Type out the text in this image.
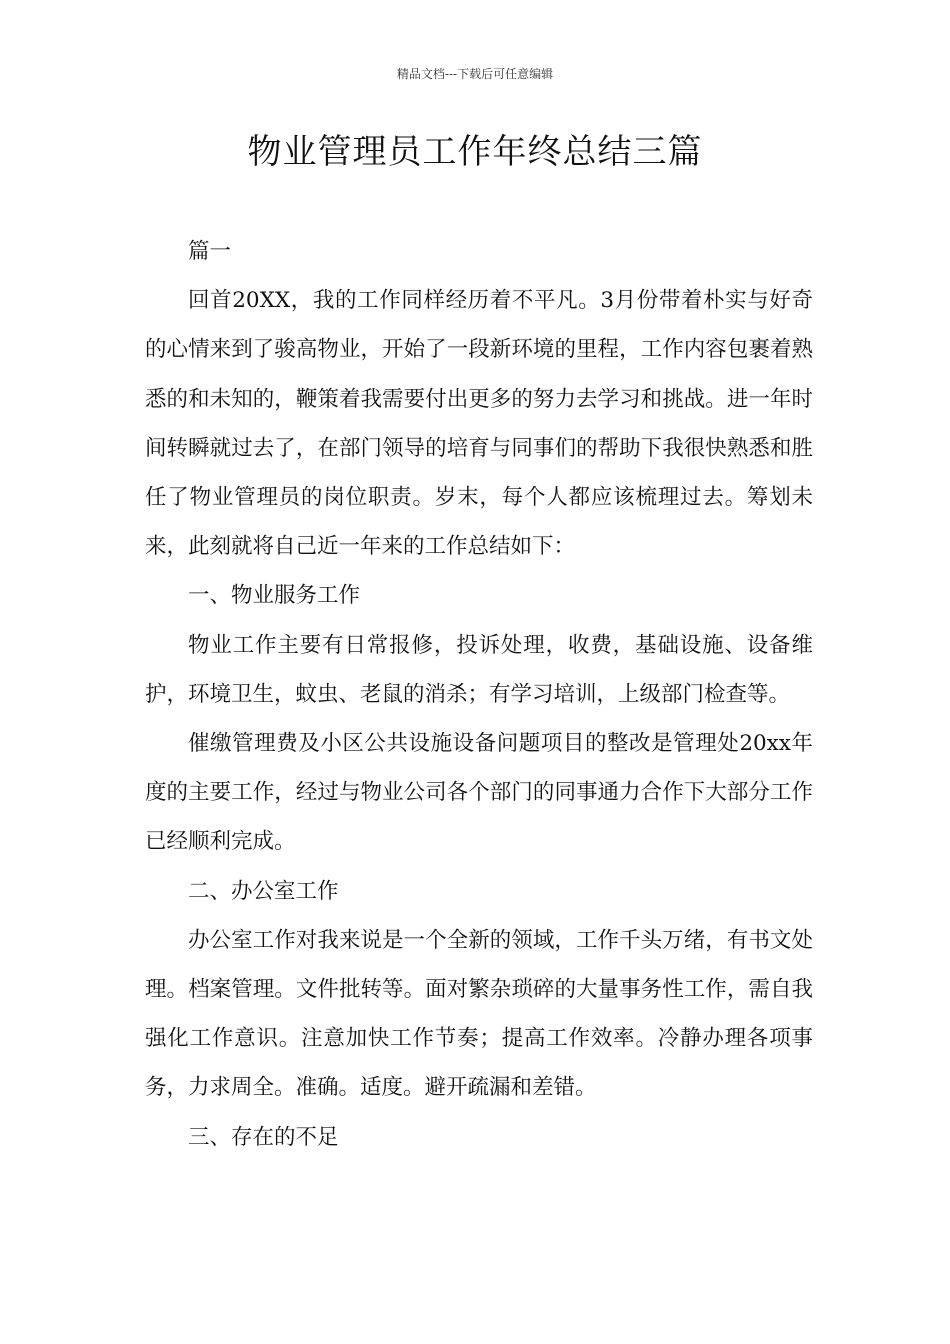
精品文档---下载后可任意编辑
物业管理员工作年终总结三篇

篇一

回首20XX，我的工作同样经历着不平凡。3月份带着朴实与好奇的心情来到了骏高物业，开始了一段新环境的里程，工作内容包裹着熟悉的和未知的，鞭策着我需要付出更多的努力去学习和挑战。进一年时间转瞬就过去了，在部门领导的培育与同事们的帮助下我很快熟悉和胜任了物业管理员的岗位职责。岁末，每个人都应该梳理过去。筹划未来，此刻就将自己近一年来的工作总结如下：

一、物业服务工作

物业工作主要有日常报修，投诉处理，收费，基础设施、设备维护，环境卫生，蚊虫、老鼠的消杀；有学习培训，上级部门检查等。

催缴管理费及小区公共设施设备问题项目的整改是管理处20xx年度的主要工作，经过与物业公司各个部门的同事通力合作下大部分工作已经顺利完成。

二、办公室工作

办公室工作对我来说是一个全新的领域，工作千头万绪，有书文处理。档案管理。文件批转等。面对繁杂琐碎的大量事务性工作，需自我强化工作意识。注意加快工作节奏；提高工作效率。冷静办理各项事务，力求周全。准确。适度。避开疏漏和差错。

三、存在的不足
